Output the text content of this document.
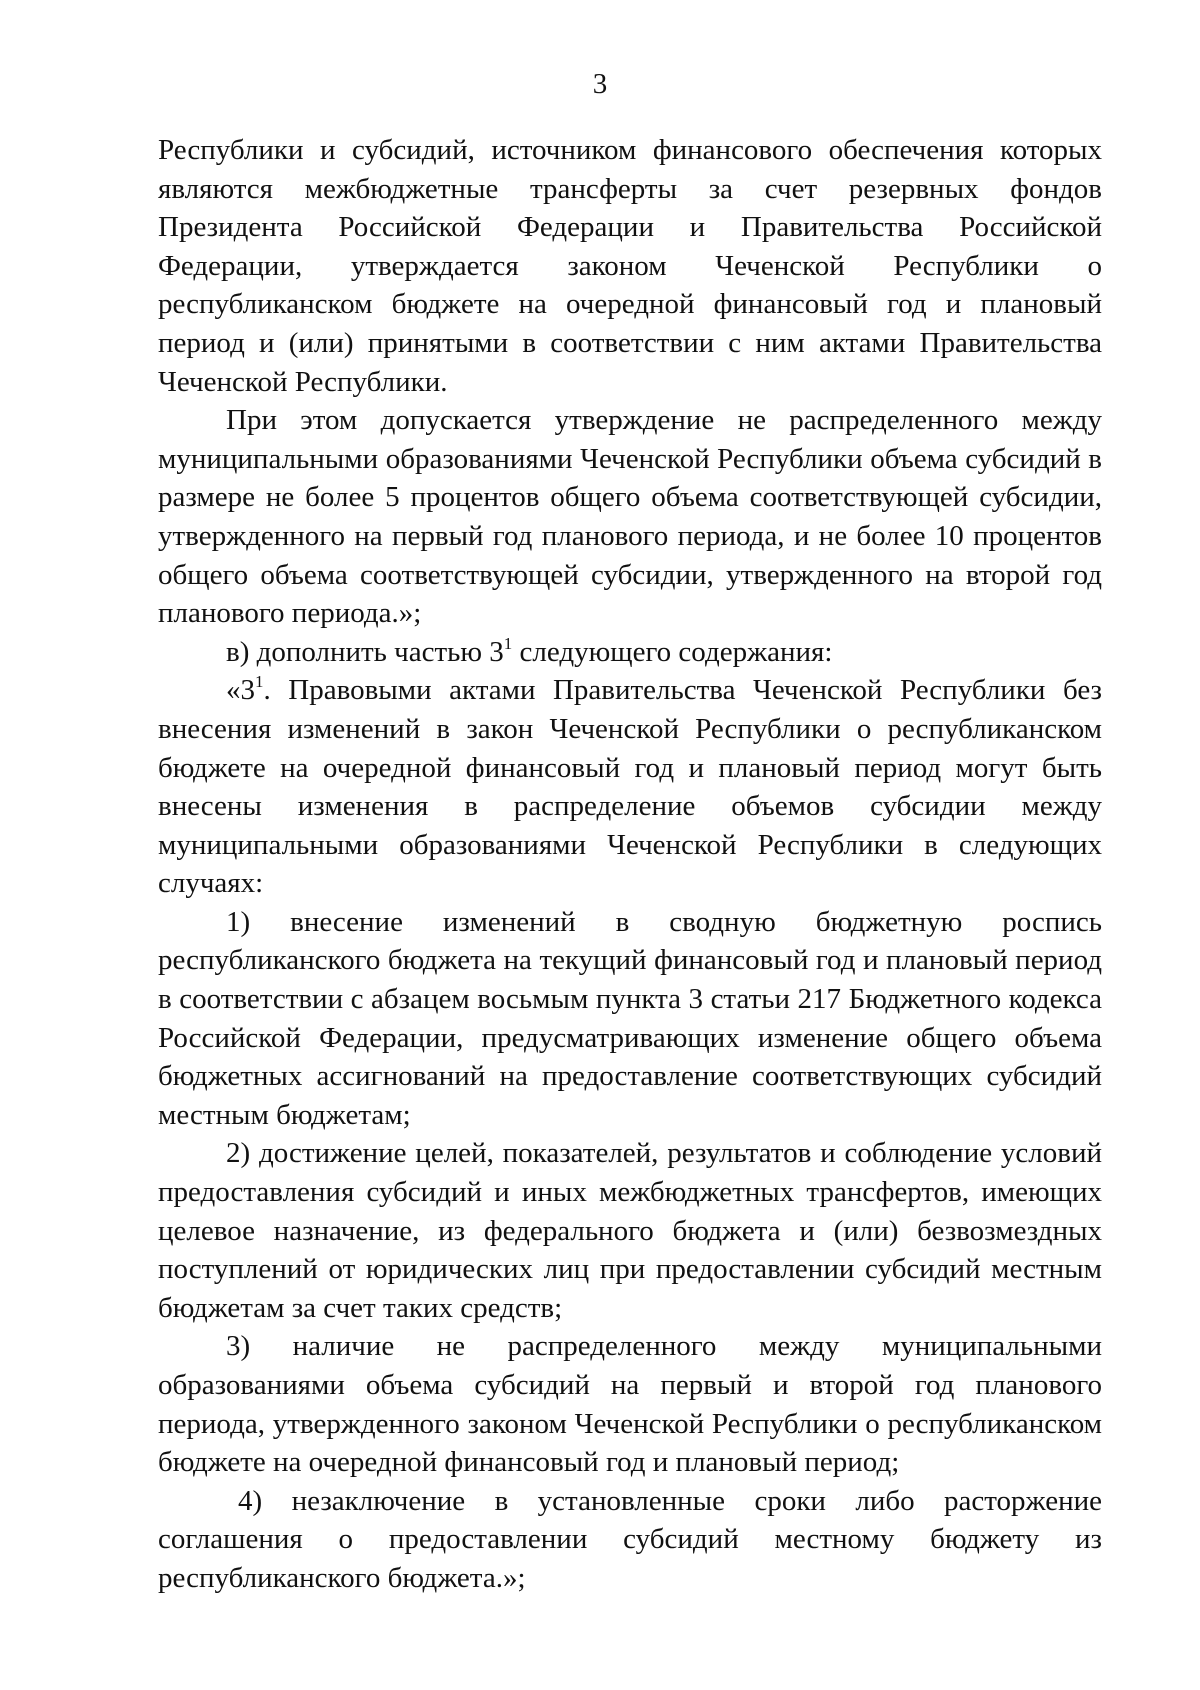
3

Республики и субсидий, источником финансового обеспечения которых являются межбюджетные трансферты за счет резервных фондов Президента Российской Федерации и Правительства Российской Федерации, утверждается законом Чеченской Республики о республиканском бюджете на очередной финансовый год и плановый период и (или) принятыми в соответствии с ним актами Правительства Чеченской Республики.

При этом допускается утверждение не распределенного между муниципальными образованиями Чеченской Республики объема субсидий в размере не более 5 процентов общего объема соответствующей субсидии, утвержденного на первый год планового периода, и не более 10 процентов общего объема соответствующей субсидии, утвержденного на второй год планового периода.»;

в) дополнить частью $3^1$ следующего содержания:

«$3^1$. Правовыми актами Правительства Чеченской Республики без внесения изменений в закон Чеченской Республики о республиканском бюджете на очередной финансовый год и плановый период могут быть внесены изменения в распределение объемов субсидии между муниципальными образованиями Чеченской Республики в следующих случаях:

1) внесение изменений в сводную бюджетную роспись республиканского бюджета на текущий финансовый год и плановый период в соответствии с абзацем восьмым пункта 3 статьи 217 Бюджетного кодекса Российской Федерации, предусматривающих изменение общего объема бюджетных ассигнований на предоставление соответствующих субсидий местным бюджетам;

2) достижение целей, показателей, результатов и соблюдение условий предоставления субсидий и иных межбюджетных трансфертов, имеющих целевое назначение, из федерального бюджета и (или) безвозмездных поступлений от юридических лиц при предоставлении субсидий местным бюджетам за счет таких средств;

3) наличие не распределенного между муниципальными образованиями объема субсидий на первый и второй год планового периода, утвержденного законом Чеченской Республики о республиканском бюджете на очередной финансовый год и плановый период;

4) незаключение в установленные сроки либо расторжение соглашения о предоставлении субсидий местному бюджету из республиканского бюджета.»;
